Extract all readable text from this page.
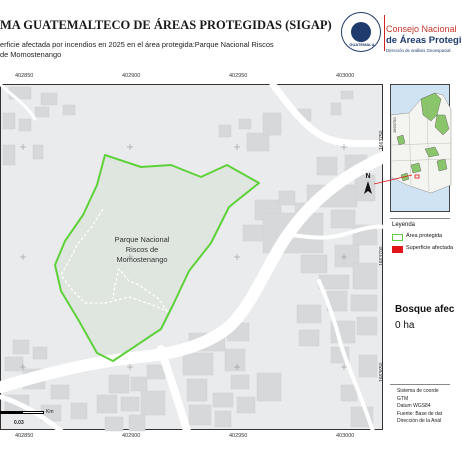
MA GUATEMALTECO DE ÁREAS PROTEGIDAS (SIGAP)
erficie afectada por incendios en 2025 en el área protegida:Parque Nacional Riscos de Momostenango
GUATEMALA
Consejo Nacional
de Áreas Protegi
Dirección de análisis Geoespacial
402850	402900	402950	403000
N
Parque Nacional
Riscos de
Momostenango
1663750
1663700
1663650
Km
0.03
402850	402900	402950	403000
1663750
Leyenda
Área protegida
Superficie afectada
Bosque afec
0 ha
Sistema de coorde
GTM
Datum WGS84
Fuente: Base de dat
Dirección de la Anál
